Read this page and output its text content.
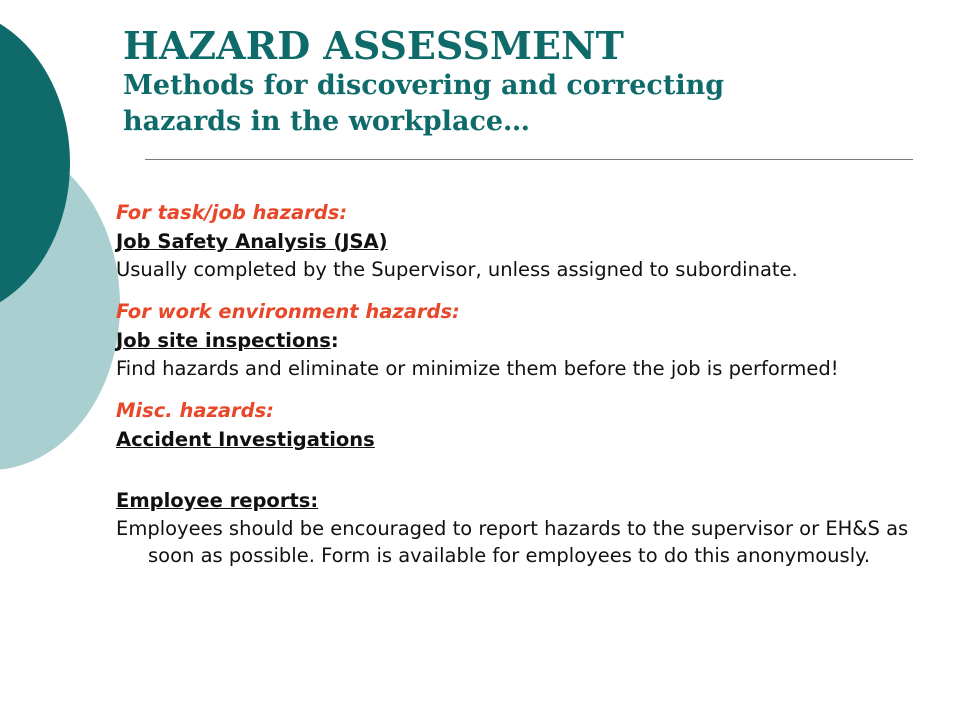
HAZARD ASSESSMENT
Methods for discovering and correcting hazards in the workplace…
For task/job hazards:
Job Safety Analysis (JSA)
Usually completed by the Supervisor, unless assigned to subordinate.
For work environment hazards:
Job site inspections:
Find hazards and eliminate or minimize them before the job is performed!
Misc. hazards:
Accident Investigations
Employee reports:
Employees should be encouraged to report hazards to the supervisor or EH&S as soon as possible. Form is available for employees to do this anonymously.
